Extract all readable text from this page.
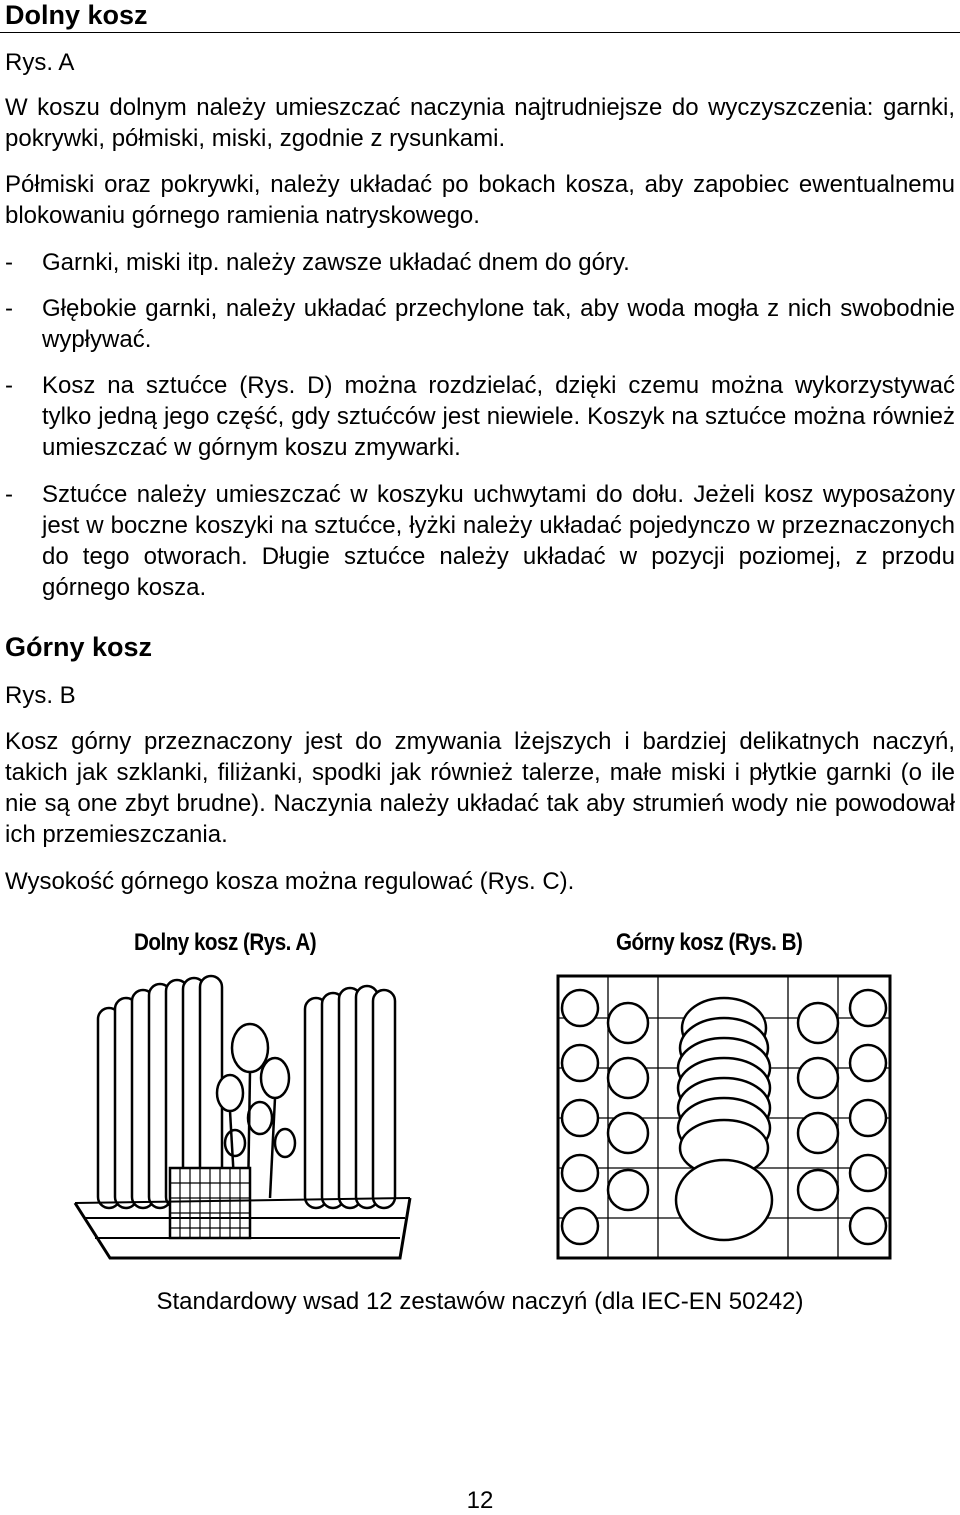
Dolny kosz
Rys. A
W koszu dolnym należy umieszczać naczynia najtrudniejsze do wyczyszczenia: garnki, pokrywki, półmiski, miski, zgodnie z rysunkami.
Półmiski oraz pokrywki, należy układać po bokach kosza, aby zapobiec ewentualnemu blokowaniu górnego ramienia natryskowego.
- Garnki, miski itp. należy zawsze układać dnem do góry.
- Głębokie garnki, należy układać przechylone tak, aby woda mogła z nich swobodnie wypływać.
- Kosz na sztućce (Rys. D) można rozdzielać, dzięki czemu można wykorzystywać tylko jedną jego część, gdy sztućców jest niewiele. Koszyk na sztućce można również umieszczać w górnym koszu zmywarki.
- Sztućce należy umieszczać w koszyku uchwytami do dołu. Jeżeli kosz wyposażony jest w boczne koszyki na sztućce, łyżki należy układać pojedynczo w przeznaczonych do tego otworach. Długie sztućce należy układać w pozycji poziomej, z przodu górnego kosza.
Górny kosz
Rys. B
Kosz górny przeznaczony jest do zmywania lżejszych i bardziej delikatnych naczyń, takich jak szklanki, filiżanki, spodki jak również talerze, małe miski i płytkie garnki (o ile nie są one zbyt brudne). Naczynia należy układać tak aby strumień wody nie powodował ich przemieszczania.
Wysokość górnego kosza można regulować (Rys. C).
Dolny kosz (Rys. A)	Górny kosz (Rys. B)
Standardowy wsad 12 zestawów naczyń (dla IEC-EN 50242)
12
